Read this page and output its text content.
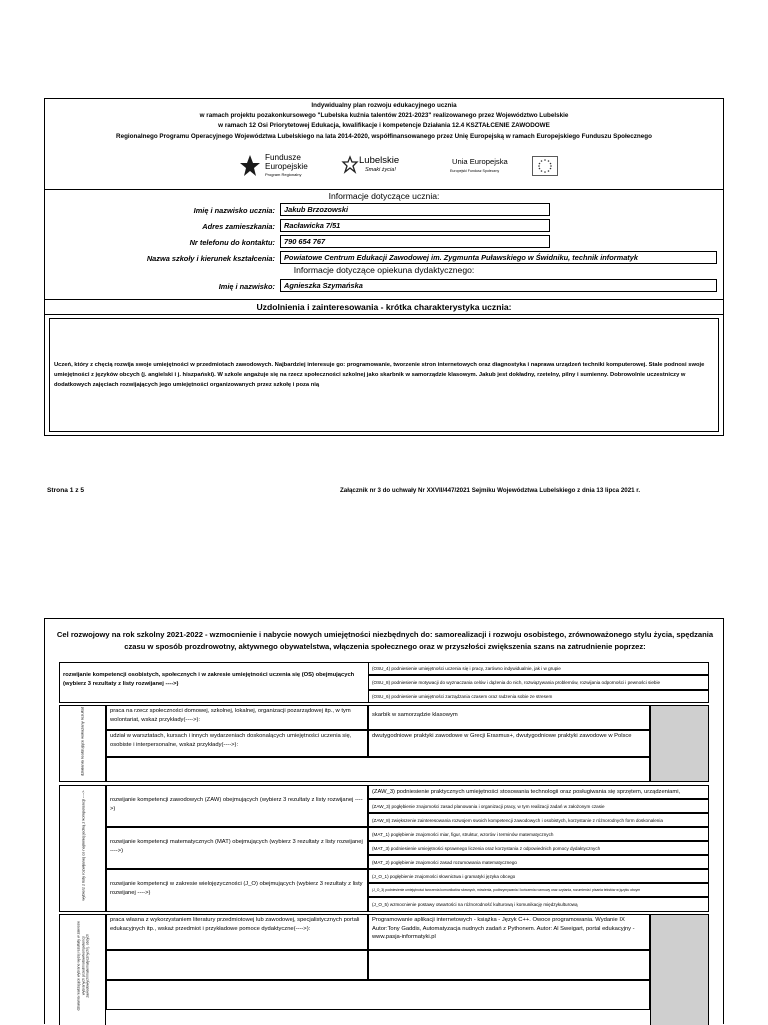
Indywidualny plan rozwoju edukacyjnego ucznia
w ramach projektu pozakonkursowego "Lubelska kuźnia talentów 2021-2023" realizowanego przez Województwo Lubelskie
w ramach 12 Osi Priorytetowej Edukacja, kwalifikacje i kompetencje Działania 12.4 KSZTAŁCENIE ZAWODOWE
Regionalnego Programu Operacyjnego Województwa Lubelskiego na lata 2014-2020, współfinansowanego przez Unię Europejską w ramach Europejskiego Funduszu Społecznego
Fundusze
Europejskie
Program Regionalny
Lubelskie
Smaki życia!
Unia Europejska
Europejski Fundusz Społeczny
Informacje dotyczące ucznia:
Imię i nazwisko ucznia:	Jakub Brzozowski
Adres zamieszkania:	Racławicka 7/51
Nr telefonu do kontaktu:	790 654 767
Nazwa szkoły i kierunek kształcenia:	Powiatowe Centrum Edukacji Zawodowej im. Zygmunta Puławskiego w Świdniku, technik informatyk
Informacje dotyczące opiekuna dydaktycznego:
Imię i nazwisko:	Agnieszka Szymańska
Uzdolnienia i zainteresowania - krótka charakterystyka ucznia:
Uczeń, który z chęcią rozwija swoje umiejętności w przedmiotach zawodowych. Najbardziej interesuje go: programowanie, tworzenie stron internetowych oraz diagnostyka i naprawa urządzeń techniki komputerowej. Stale podnosi swoje umiejętności z języków obcych (j. angielski i j. hiszpański). W szkole angażuje się na rzecz społeczności szkolnej jako skarbnik w samorządzie klasowym. Jakub jest dokładny, rzetelny, pilny i sumienny. Dobrowolnie uczestniczy w dodatkowych zajęciach rozwijających jego umiejętności organizowanych przez szkołę i poza nią
Strona 1 z 5	Załącznik nr 3 do uchwały Nr XXVII/447/2021 Sejmiku Województwa Lubelskiego z dnia 13 lipca 2021 r.
Cel rozwojowy na rok szkolny 2021-2022 - wzmocnienie i nabycie nowych umiejętności niezbędnych do: samorealizacji i rozwoju osobistego, zrównoważonego stylu życia, spędzania czasu w sposób prozdrowotny, aktywnego obywatelstwa, włączenia społecznego oraz w przyszłości zwiększenia szans na zatrudnienie poprzez:
rozwijanie kompetencji osobistych, społecznych i w zakresie umiejętności uczenia się (OS) obejmujących (wybierz 3 rezultaty z listy rozwijanej ---->)
(OSU_4) podniesienie umiejętności uczenia się i pracy, zarówno indywidualnie, jak i w grupie
(OSU_8) podniesienie motywacji do wyznaczania celów i dążenia do nich, rozwiązywania problemów, rozwijania odporności i pewności siebie
(OSU_6) podniesienie umiejętności zarządzania czasem oraz radzenia sobie ze stresem
działania realizujące wskazany rezultat	praca na rzecz społeczności domowej, szkolnej, lokalnej, organizacji pozarządowej itp., w tym wolontariat, wskaż przykłady(---->):
skarbik w samorządzie klasowym
udział w warsztatach, kursach i innych wydarzeniach doskonalących umiejętności uczenia się, osobiste i interpersonalne, wskaż przykłady(---->):
dwutygodniowe praktyki zawodowe w Grecji Erasmus+, dwutygodniowe praktyki zawodowe w Polsce
wybierz z listy rozwijanej co najmniej jedną z kompetencji ---->	rozwijanie kompetencji zawodowych (ZAW) obejmujących (wybierz 3 rezultaty z listy rozwijanej ---->)
(ZAW_3) podniesienie praktycznych umiejętności stosowania technologii oraz posługiwania się sprzętem, urządzeniami,
(ZAW_3) pogłębienie znajomości zasad planowania i organizacji pracy, w tym realizacji zadań w założonym czasie
(ZAW_8) zwiększenie zainteresowania rozwojem swoich kompetencji zawodowych i osobistych, korzystanie z różnorodnych form doskonalenia
rozwijanie kompetencji matematycznych (MAT) obejmujących (wybierz 3 rezultaty z listy rozwijanej ---->)
(MAT_1) pogłębienie znajomości miar, figur, struktur, wzorów i terminów matematycznych
(MAT_3) podniesienie umiejętności sprawnego liczenia oraz korzystania z odpowiednich pomocy dydaktycznych
(MAT_2) pogłębienie znajomości zasad rozumowania matematycznego
rozwijanie kompetencji w zakresie wielojęzyczności (J_O) obejmujących (wybierz 3 rezultaty z listy rozwijanej ---->)
(J_O_1) pogłębienie znajomości słownictwa i gramatyki języka obcego
(J_O_3) podniesienie umiejętności tworzenia komunikatów słownych, mówienia, podtrzymywania i kończenia rozmowy oraz czytania, rozumienia i pisania tekstów w języku obcym
(J_O_5) wzmocnienie postawy otwartości na różnorodność kulturową i komunikację międzykulturową
działania realizujące wybrane wyżej rezultaty w zakresie wybranych przedmiotów/kompetencji zawodowych/matematycznych/j. obcych
praca własna z wykorzystaniem literatury przedmiotowej lub zawodowej, specjalistycznych portali edukacyjnych itp., wskaż przedmiot i przykładowe pomoce dydaktyczne(---->):
Programowanie aplikacji internetowych - książka - Język C++. Owoce programowania. Wydanie IX Autor:Tony Gaddis, Automatyzacja nudnych zadań z Pythonem. Autor: Al Sweigart, portal edukacyjny - www.pasja-informatyki.pl
